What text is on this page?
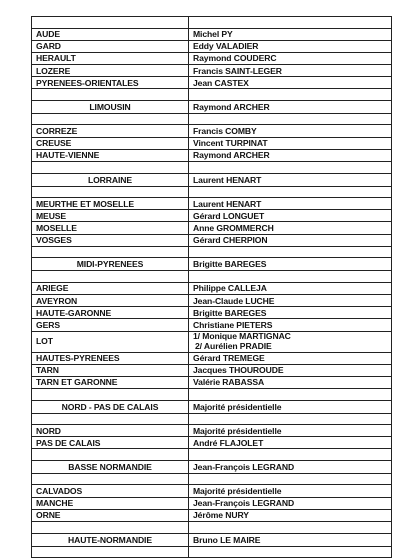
AUDE	Michel PY
GARD	Eddy VALADIER
HERAULT	Raymond COUDERC
LOZERE	Francis SAINT-LEGER
PYRENEES-ORIENTALES	Jean CASTEX

LIMOUSIN	Raymond ARCHER

CORREZE	Francis COMBY
CREUSE	Vincent TURPINAT
HAUTE-VIENNE	Raymond ARCHER

LORRAINE	Laurent HENART

MEURTHE ET MOSELLE	Laurent HENART
MEUSE	Gérard LONGUET
MOSELLE	Anne GROMMERCH
VOSGES	Gérard CHERPION

MIDI-PYRENEES	Brigitte BAREGES

ARIEGE	Philippe CALLEJA
AVEYRON	Jean-Claude LUCHE
HAUTE-GARONNE	Brigitte BAREGES
GERS	Christiane PIETERS
LOT	1/ Monique MARTIGNAC
2/ Aurélien PRADIE

HAUTES-PYRENEES	Gérard TREMEGE
TARN	Jacques THOUROUDE
TARN ET GARONNE	Valérie RABASSA

NORD - PAS DE CALAIS	Majorité présidentielle

NORD	Majorité présidentielle
PAS DE CALAIS	André FLAJOLET

BASSE NORMANDIE	Jean-François LEGRAND

CALVADOS	Majorité présidentielle
MANCHE	Jean-François LEGRAND
ORNE	Jérôme NURY

HAUTE-NORMANDIE	Bruno LE MAIRE
